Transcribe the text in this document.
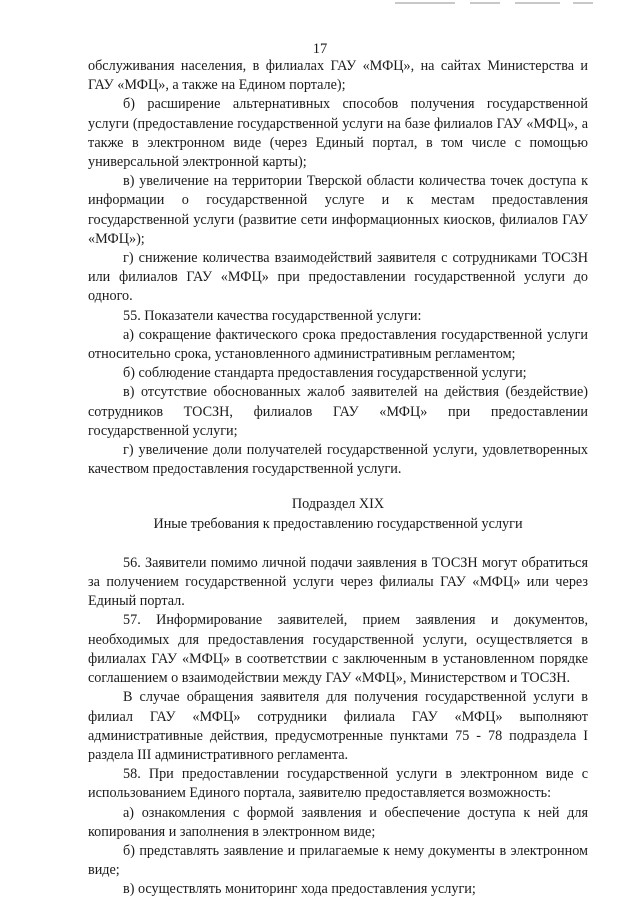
17

обслуживания населения, в филиалах ГАУ «МФЦ», на сайтах Министерства и ГАУ «МФЦ», а также на Едином портале);

б) расширение альтернативных способов получения государственной услуги (предоставление государственной услуги на базе филиалов ГАУ «МФЦ», а также в электронном виде (через Единый портал, в том числе с помощью универсальной электронной карты);

в) увеличение на территории Тверской области количества точек доступа к информации о государственной услуге и к местам предоставления государственной услуги (развитие сети информационных киосков, филиалов ГАУ «МФЦ»);

г) снижение количества взаимодействий заявителя с сотрудниками ТОСЗН или филиалов ГАУ «МФЦ» при предоставлении государственной услуги до одного.

55. Показатели качества государственной услуги:

а) сокращение фактического срока предоставления государственной услуги относительно срока, установленного административным регламентом;

б) соблюдение стандарта предоставления государственной услуги;

в) отсутствие обоснованных жалоб заявителей на действия (бездействие) сотрудников ТОСЗН, филиалов ГАУ «МФЦ» при предоставлении государственной услуги;

г) увеличение доли получателей государственной услуги, удовлетворенных качеством предоставления государственной услуги.

Подраздел XIX

Иные требования к предоставлению государственной услуги

56. Заявители помимо личной подачи заявления в ТОСЗН могут обратиться за получением государственной услуги через филиалы ГАУ «МФЦ» или через Единый портал.

57. Информирование заявителей, прием заявления и документов, необходимых для предоставления государственной услуги, осуществляется в филиалах ГАУ «МФЦ» в соответствии с заключенным в установленном порядке соглашением о взаимодействии между ГАУ «МФЦ», Министерством и ТОСЗН.

В случае обращения заявителя для получения государственной услуги в филиал ГАУ «МФЦ» сотрудники филиала ГАУ «МФЦ» выполняют административные действия, предусмотренные пунктами 75 - 78 подраздела I раздела III административного регламента.

58. При предоставлении государственной услуги в электронном виде с использованием Единого портала, заявителю предоставляется возможность:

а) ознакомления с формой заявления и обеспечение доступа к ней для копирования и заполнения в электронном виде;

б) представлять заявление и прилагаемые к нему документы в электронном виде;

в) осуществлять мониторинг хода предоставления услуги;
